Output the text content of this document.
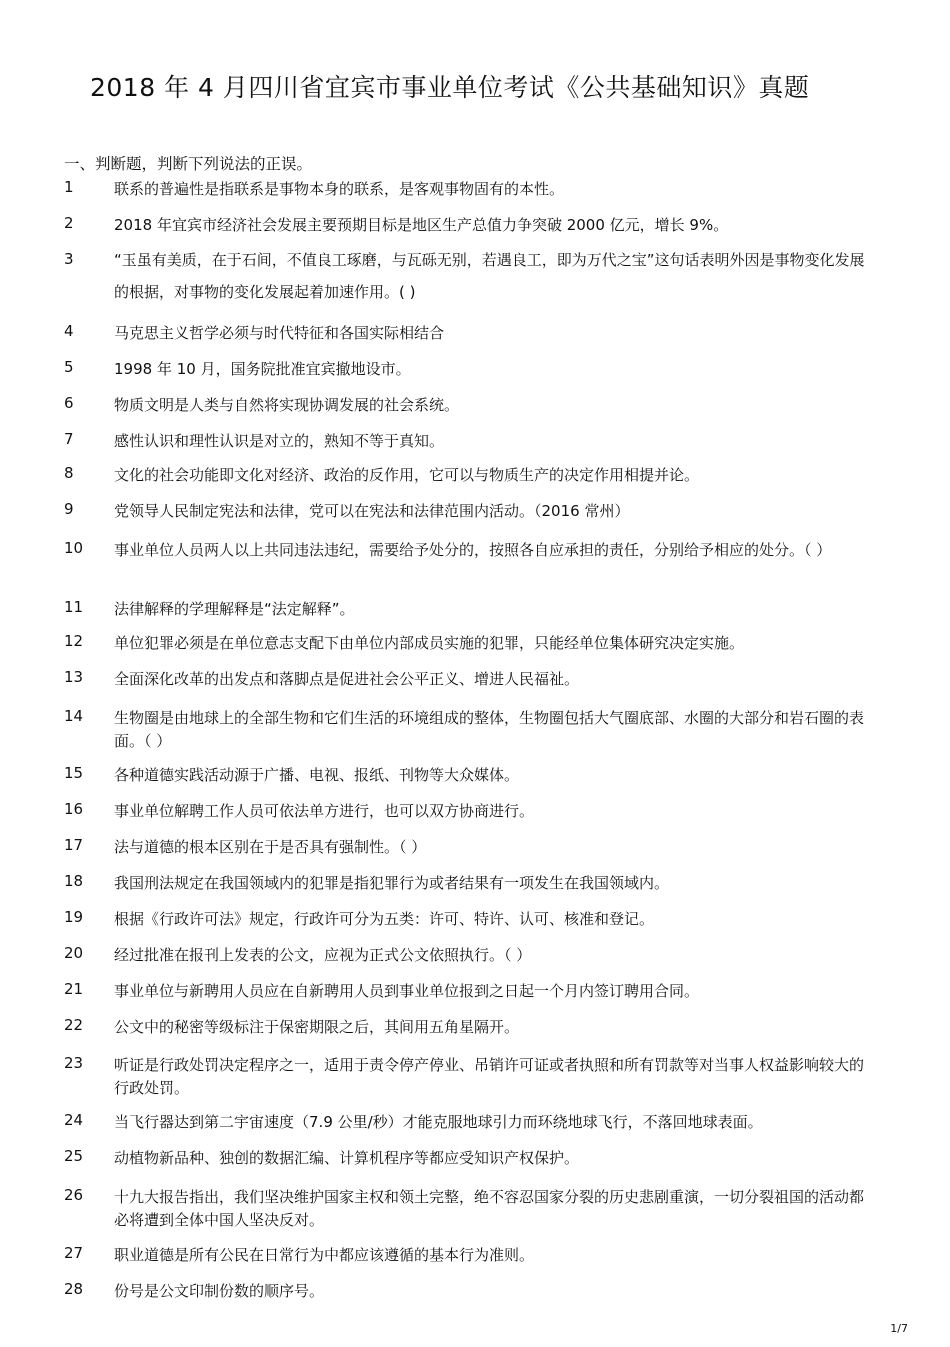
2018 年 4 月四川省宜宾市事业单位考试《公共基础知识》真题
一、判断题，判断下列说法的正误。
1	联系的普遍性是指联系是事物本身的联系，是客观事物固有的本性。
2	2018 年宜宾市经济社会发展主要预期目标是地区生产总值力争突破 2000 亿元，增长 9%。
3	“玉虽有美质，在于石间，不值良工琢磨，与瓦砾无别，若遇良工，即为万代之宝”这句话表明外因是事物变化发展的根据，对事物的变化发展起着加速作用。( )
4	马克思主义哲学必须与时代特征和各国实际相结合
5	1998 年 10 月，国务院批准宜宾撤地设市。
6	物质文明是人类与自然将实现协调发展的社会系统。
7	感性认识和理性认识是对立的，熟知不等于真知。
8	文化的社会功能即文化对经济、政治的反作用，它可以与物质生产的决定作用相提并论。
9	党领导人民制定宪法和法律，党可以在宪法和法律范围内活动。（2016 常州）
10	事业单位人员两人以上共同违法违纪，需要给予处分的，按照各自应承担的责任，分别给予相应的处分。（ ）
11	法律解释的学理解释是“法定解释”。
12	单位犯罪必须是在单位意志支配下由单位内部成员实施的犯罪，只能经单位集体研究决定实施。
13	全面深化改革的出发点和落脚点是促进社会公平正义、增进人民福祉。
14	生物圈是由地球上的全部生物和它们生活的环境组成的整体，生物圈包括大气圈底部、水圈的大部分和岩石圈的表面。（ ）
15	各种道德实践活动源于广播、电视、报纸、刊物等大众媒体。
16	事业单位解聘工作人员可依法单方进行，也可以双方协商进行。
17	法与道德的根本区别在于是否具有强制性。（ ）
18	我国刑法规定在我国领域内的犯罪是指犯罪行为或者结果有一项发生在我国领域内。
19	根据《行政许可法》规定，行政许可分为五类：许可、特许、认可、核准和登记。
20	经过批准在报刊上发表的公文，应视为正式公文依照执行。（ ）
21	事业单位与新聘用人员应在自新聘用人员到事业单位报到之日起一个月内签订聘用合同。
22	公文中的秘密等级标注于保密期限之后，其间用五角星隔开。
23	听证是行政处罚决定程序之一，适用于责令停产停业、吊销许可证或者执照和所有罚款等对当事人权益影响较大的行政处罚。
24	当飞行器达到第二宇宙速度（7.9 公里/秒）才能克服地球引力而环绕地球飞行，不落回地球表面。
25	动植物新品种、独创的数据汇编、计算机程序等都应受知识产权保护。
26	十九大报告指出，我们坚决维护国家主权和领土完整，绝不容忍国家分裂的历史悲剧重演，一切分裂祖国的活动都必将遭到全体中国人坚决反对。
27	职业道德是所有公民在日常行为中都应该遵循的基本行为准则。
28	份号是公文印制份数的顺序号。
1/7
